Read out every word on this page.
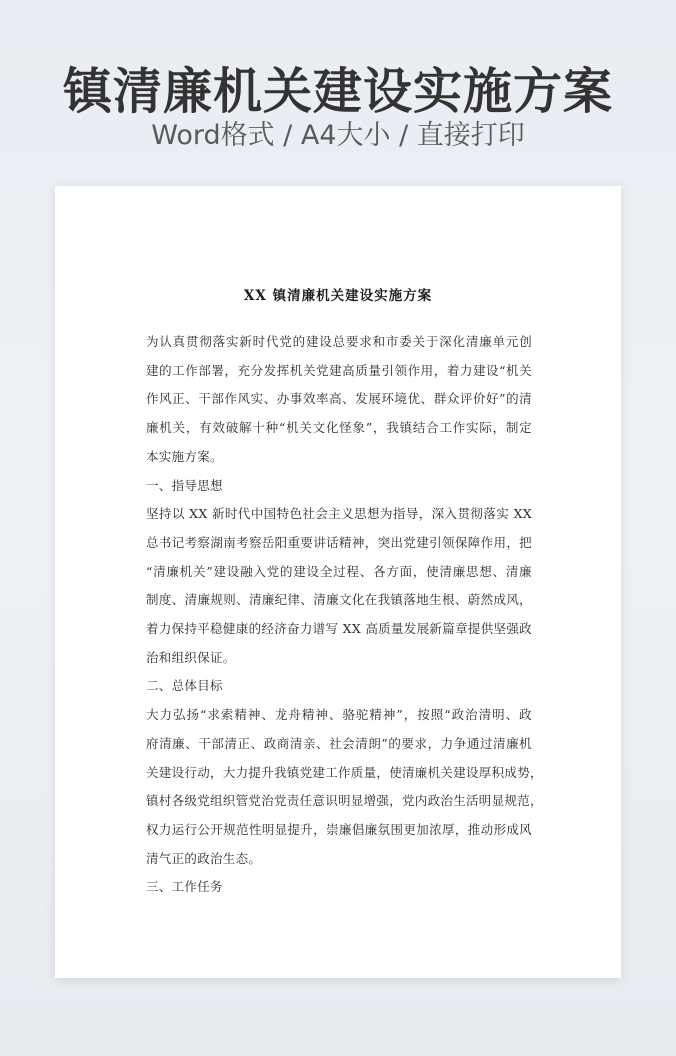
镇清廉机关建设实施方案
Word格式 / A4大小 / 直接打印
XX 镇清廉机关建设实施方案
为认真贯彻落实新时代党的建设总要求和市委关于深化清廉单元创
建的工作部署，充分发挥机关党建高质量引领作用，着力建设“机关
作风正、干部作风实、办事效率高、发展环境优、群众评价好”的清
廉机关，有效破解十种“机关文化怪象”，我镇结合工作实际，制定
本实施方案。
一、指导思想
坚持以 XX 新时代中国特色社会主义思想为指导，深入贯彻落实 XX
总书记考察湖南考察岳阳重要讲话精神，突出党建引领保障作用，把
“清廉机关”建设融入党的建设全过程、各方面，使清廉思想、清廉
制度、清廉规则、清廉纪律、清廉文化在我镇落地生根、蔚然成风，
着力保持平稳健康的经济奋力谱写 XX 高质量发展新篇章提供坚强政
治和组织保证。
二、总体目标
大力弘扬“求索精神、龙舟精神、骆驼精神”，按照“政治清明、政
府清廉、干部清正、政商清亲、社会清朗”的要求，力争通过清廉机
关建设行动，大力提升我镇党建工作质量，使清廉机关建设厚积成势，
镇村各级党组织管党治党责任意识明显增强，党内政治生活明显规范，
权力运行公开规范性明显提升，崇廉倡廉氛围更加浓厚，推动形成风
清气正的政治生态。
三、工作任务
